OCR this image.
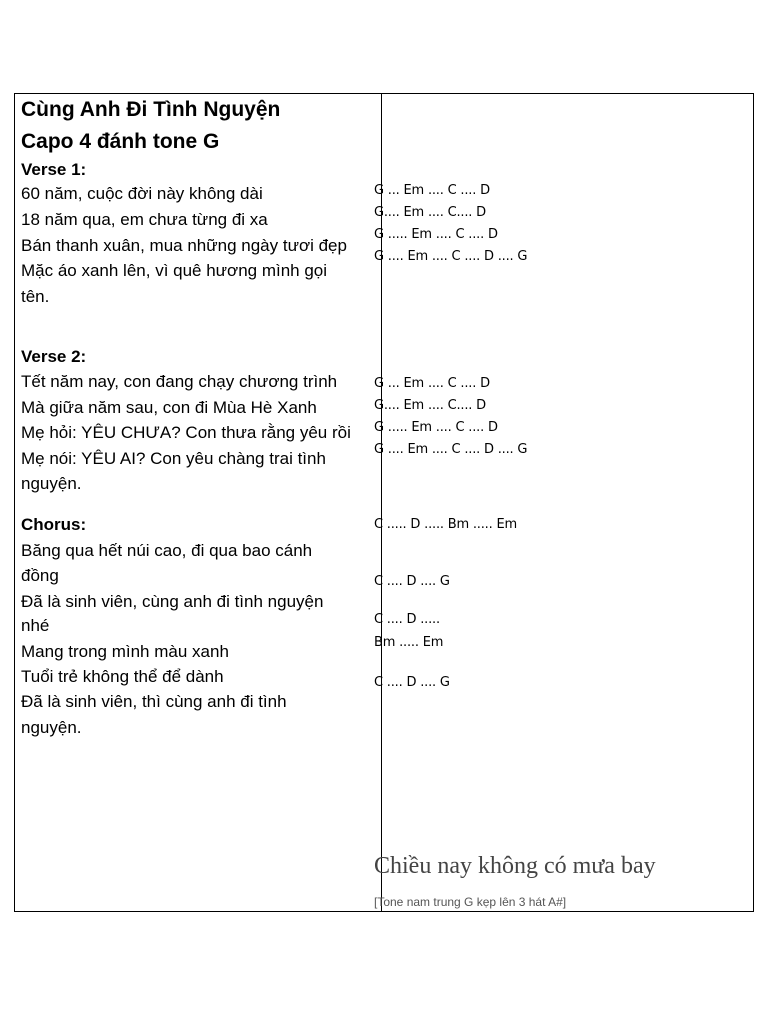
Cùng Anh Đi Tình Nguyện
Capo 4 đánh tone G
Verse 1:
60 năm, cuộc đời này không dài
18 năm qua, em chưa từng đi xa
Bán thanh xuân, mua những ngày tươi đẹp
Mặc áo xanh lên, vì quê hương mình gọi
tên.
Verse 2:
Tết năm nay, con đang chạy chương trình
Mà giữa năm sau, con đi Mùa Hè Xanh
Mẹ hỏi: YÊU CHƯA? Con thưa rằng yêu rồi
Mẹ nói: YÊU AI? Con yêu chàng trai tình
nguyện.
Chorus:
Băng qua hết núi cao, đi qua bao cánh
đồng
Đã là sinh viên, cùng anh đi tình nguyện
nhé
Mang trong mình màu xanh
Tuổi trẻ không thể để dành
Đã là sinh viên, thì cùng anh đi tình
nguyện.
G ... Em .... C .... D
G.... Em .... C.... D
G ..... Em .... C .... D
G .... Em .... C .... D .... G
G ... Em .... C .... D
G.... Em .... C.... D
G ..... Em .... C .... D
G .... Em .... C .... D .... G
C ..... D ..... Bm ..... Em
C .... D .... G
C .... D .....
Bm ..... Em
C .... D .... G
Chiều nay không có mưa bay
[Tone nam trung G kẹp lên 3 hát A#]
